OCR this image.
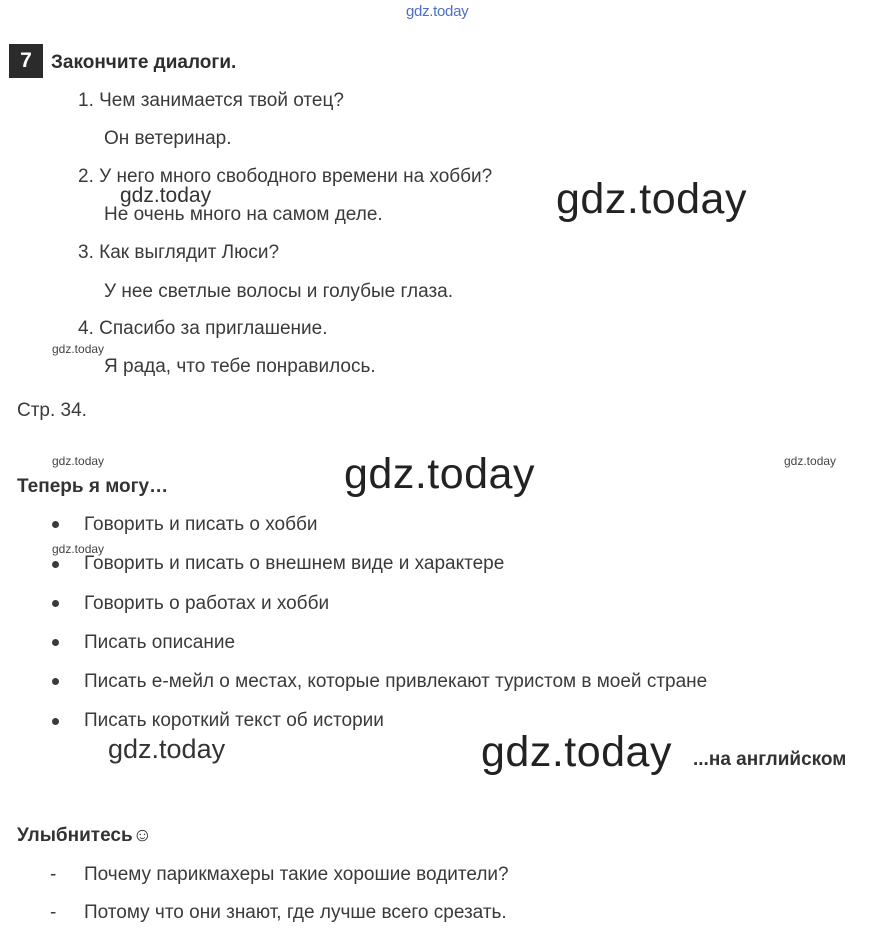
gdz.today
7	Закончите диалоги.
1. Чем занимается твой отец?
Он ветеринар.
2. У него много свободного времени на хобби?
gdz.today
Не очень много на самом деле.	gdz.today
3. Как выглядит Люси?
У нее светлые волосы и голубые глаза.
4. Спасибо за приглашение.
gdz.today
Я рада, что тебе понравилось.
Стр. 34.
gdz.today	gdz.today
gdz.today
Теперь я могу…
Говорить и писать о хобби
gdz.today
Говорить и писать о внешнем виде и характере
Говорить о работах и хобби
Писать описание
Писать е-мейл о местах, которые привлекают туристом в моей стране
Писать короткий текст об истории
gdz.today	gdz.today ...на английском
Улыбнитесь☺
- Почему парикмахеры такие хорошие водители?
- Потому что они знают, где лучше всего срезать.
